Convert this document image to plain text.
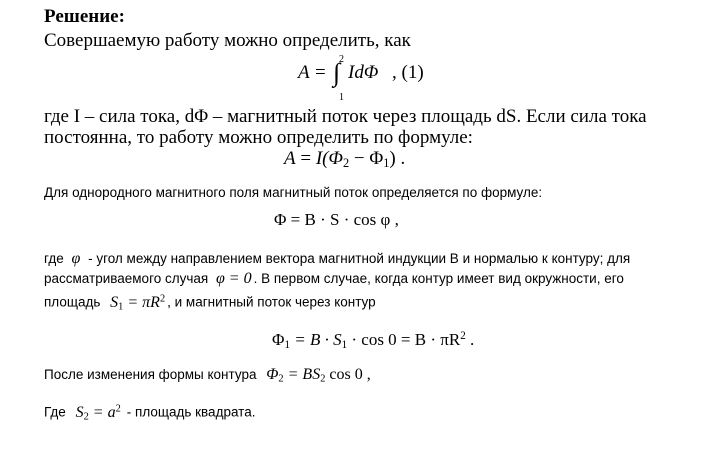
Решение:
Совершаемую работу можно определить, как
A =
2
∫
1
IdΦ , (1)
где I – сила тока, dΦ – магнитный поток через площадь dS. Если сила тока
постоянна, то работу можно определить по формуле:
$A = I(\Phi_2 - \Phi_1)$ .
Для однородного магнитного поля магнитный поток определяется по формуле:
Φ = B · S · cos φ ,
где φ - угол между направлением вектора магнитной индукции В и нормалью к контуру; для
рассматриваемого случая φ = 0 . В первом случае, когда контур имеет вид окружности, его
площадь $S_1 = \pi R^2$ , и магнитный поток через контур
$\Phi_1 = B \cdot S_1 \cdot \cos 0 = B \cdot \pi R^2$ .
После изменения формы контура $\Phi_2 = BS_2$ cos 0 ,
Где $S_2 = a^2$ - площадь квадрата.
